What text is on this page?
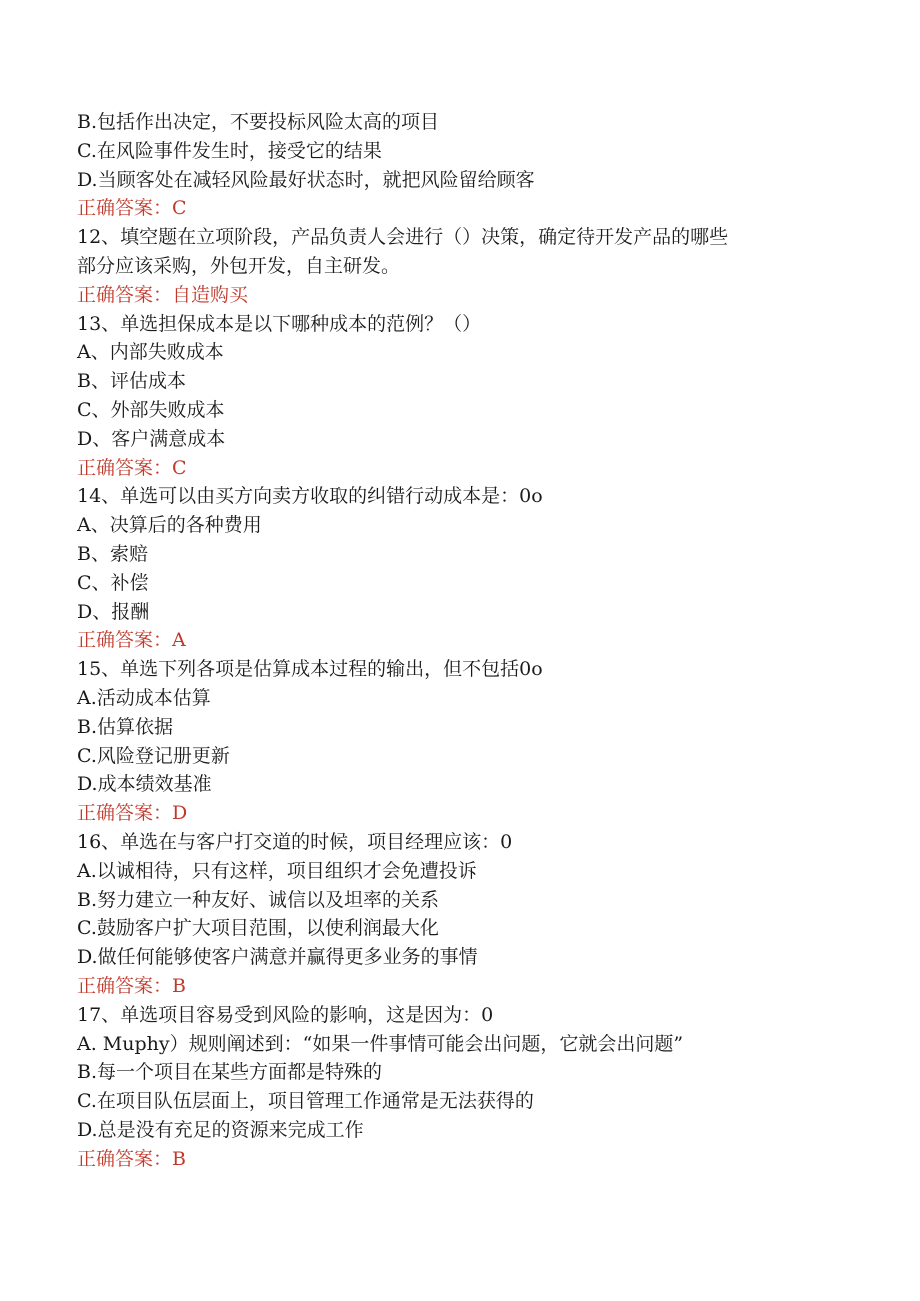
B.包括作出决定，不要投标风险太高的项目
C.在风险事件发生时，接受它的结果
D.当顾客处在减轻风险最好状态时，就把风险留给顾客
正确答案：C
12、填空题在立项阶段，产品负责人会进行（）决策，确定待开发产品的哪些
部分应该采购，外包开发，自主研发。
正确答案：自造购买
13、单选担保成本是以下哪种成本的范例？（）
A、内部失败成本
B、评估成本
C、外部失败成本
D、客户满意成本
正确答案：C
14、单选可以由买方向卖方收取的纠错行动成本是：0o
A、决算后的各种费用
B、索赔
C、补偿
D、报酬
正确答案：A
15、单选下列各项是估算成本过程的输出，但不包括0o
A.活动成本估算
B.估算依据
C.风险登记册更新
D.成本绩效基准
正确答案：D
16、单选在与客户打交道的时候，项目经理应该：0
A.以诚相待，只有这样，项目组织才会免遭投诉
B.努力建立一种友好、诚信以及坦率的关系
C.鼓励客户扩大项目范围，以使利润最大化
D.做任何能够使客户满意并赢得更多业务的事情
正确答案：B
17、单选项目容易受到风险的影响，这是因为：0
A. Muphy）规则阐述到：“如果一件事情可能会出问题，它就会出问题”
B.每一个项目在某些方面都是特殊的
C.在项目队伍层面上，项目管理工作通常是无法获得的
D.总是没有充足的资源来完成工作
正确答案：B
